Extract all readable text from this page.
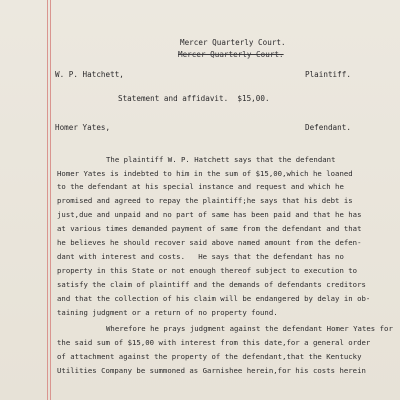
Mercer Quarterly Court.
Mercer Quarterly Court.
W. P. Hatchett,	Plaintiff.
Statement and affidavit.  $15,00.
Homer Yates,	Defendant.
The plaintiff W. P. Hatchett says that the defendant
Homer Yates is indebted to him in the sum of $15,00,which he loaned
to the defendant at his special instance and request and which he
promised and agreed to repay the plaintiff;he says that his debt is
just,due and unpaid and no part of same has been paid and that he has
at various times demanded payment of same from the defendant and that
he believes he should recover said above named amount from the defen-
dant with interest and costs.   He says that the defendant has no
property in this State or not enough thereof subject to execution to
satisfy the claim of plaintiff and the demands of defendants creditors
and that the collection of his claim will be endangered by delay in ob-
taining judgment or a return of no property found.
Wherefore he prays judgment against the defendant Homer Yates for
the said sum of $15,00 with interest from this date,for a general order
of attachment against the property of the defendant,that the Kentucky
Utilities Company be summoned as Garnishee herein,for his costs herein
